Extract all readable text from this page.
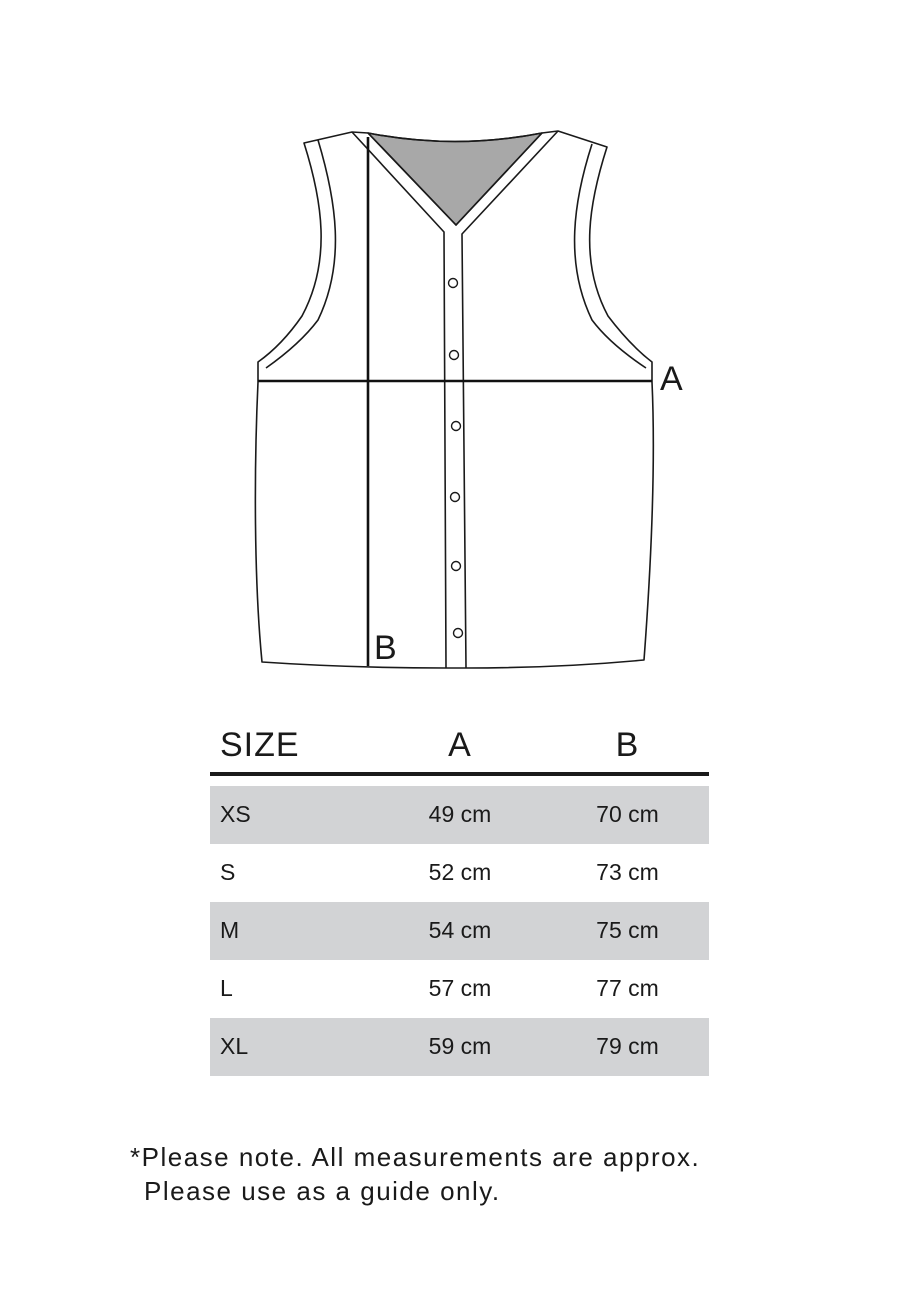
A
B
SIZE	A	B
XS	49 cm	70 cm
S	52 cm	73 cm
M	54 cm	75 cm
L	57 cm	77 cm
XL	59 cm	79 cm
*Please note. All measurements are approx.
Please use as a guide only.
